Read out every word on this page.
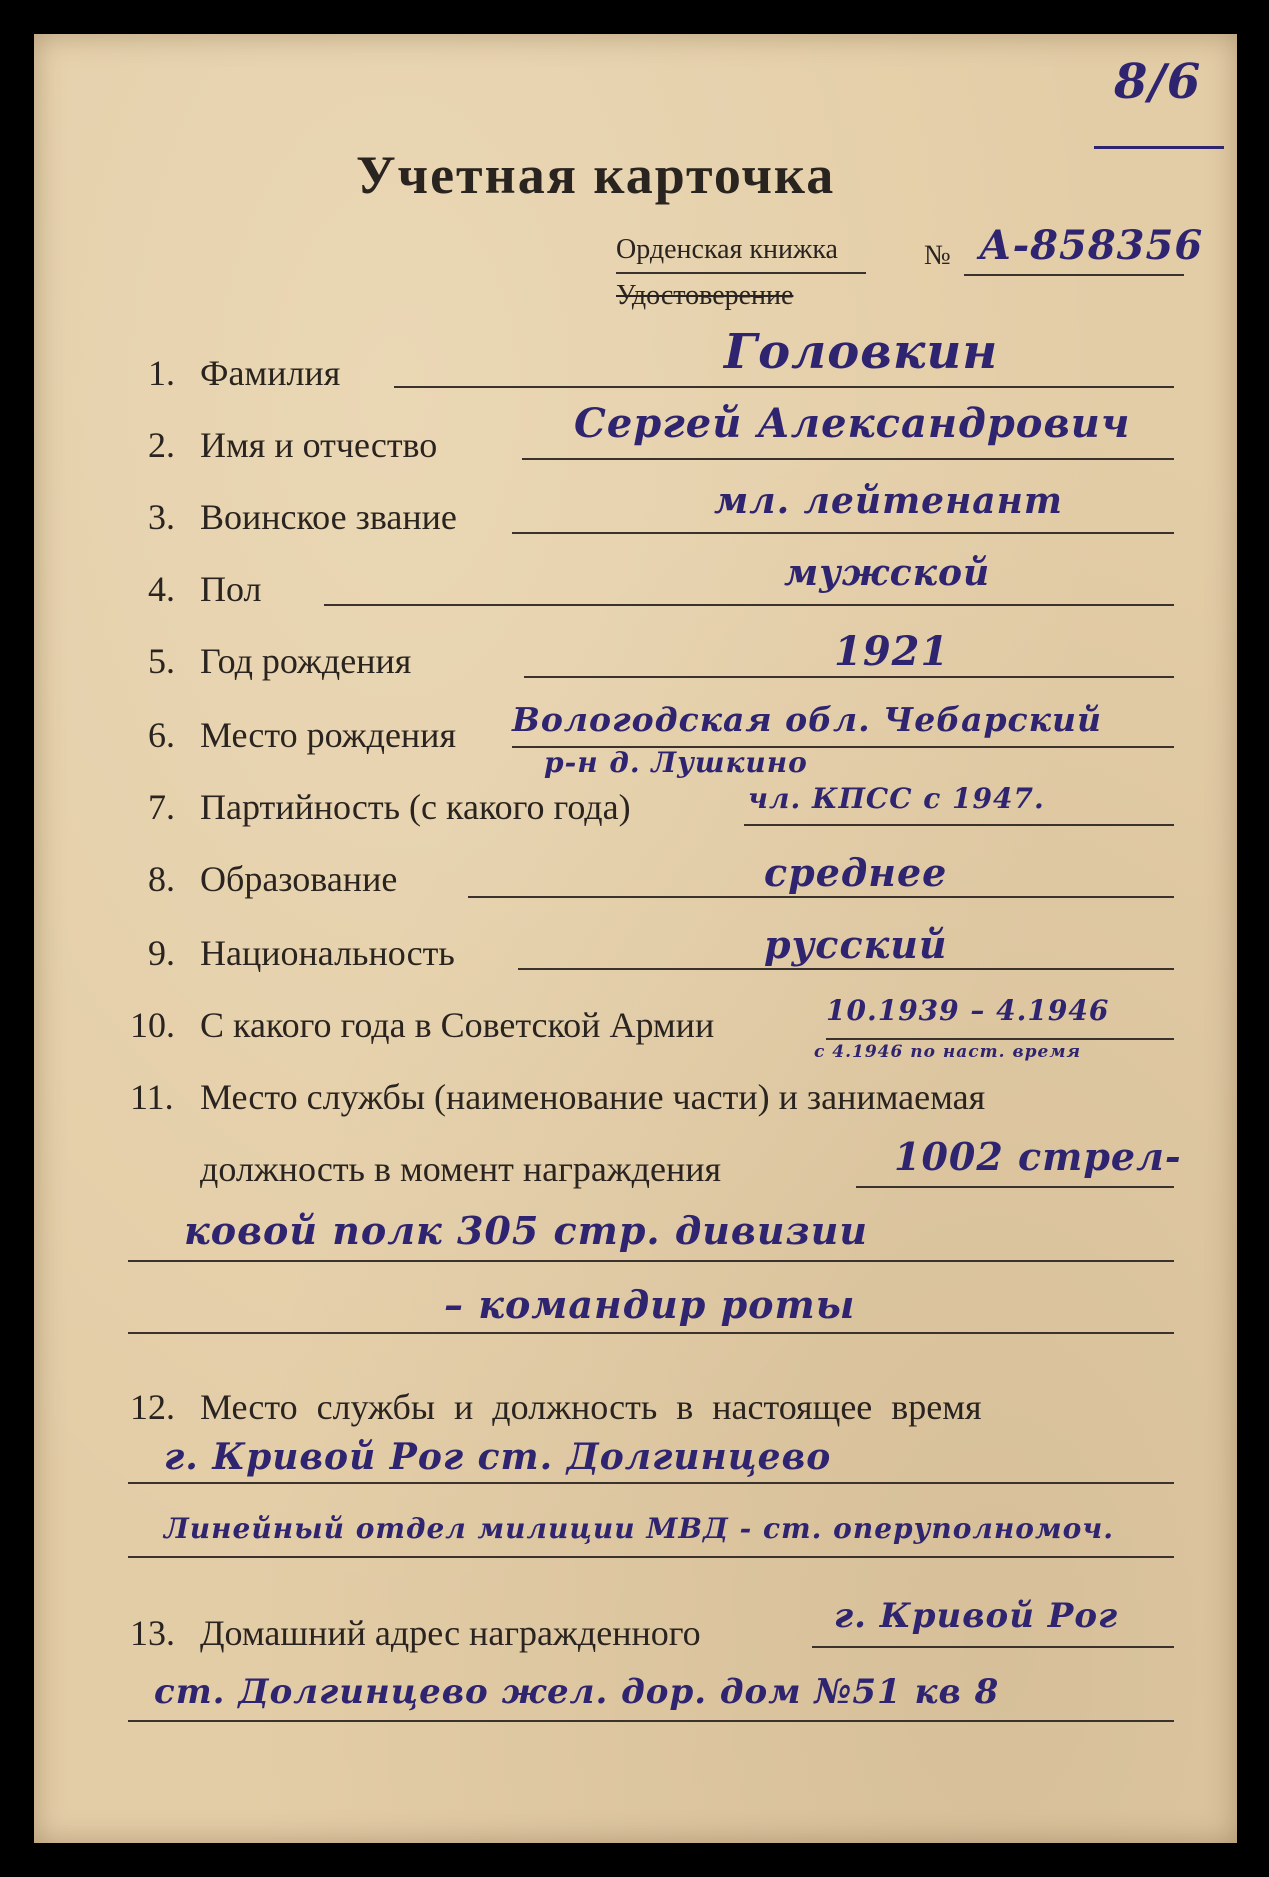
8/6
Учетная карточка
Орденская книжка	№ А-858356
Удостоверение
1. Фамилия	Головкин
2. Имя и отчество	Сергей Александрович
3. Воинское звание	мл. лейтенант
4. Пол	мужской
5. Год рождения	1921
6. Место рождения Вологодская обл. Чебарский
р-н д. Лушкино
7. Партийность (с какого года)	чл. КПСС с 1947.
8. Образование	среднее
9. Национальность	русский
10. С какого года в Советской Армии	10.1939 – 4.1946
с 4.1946 по наст. время
11. Место службы (наименование части) и занимаемая
должность в момент награждения	1002 стрел-
ковой полк 305 стр. дивизии
– командир роты
12. Место службы и должность в настоящее время
г. Кривой Рог ст. Долгинцево
Линейный отдел милиции МВД - ст. оперуполномоч.
13. Домашний адрес награжденного	г. Кривой Рог
ст. Долгинцево жел. дор. дом №51 кв 8
